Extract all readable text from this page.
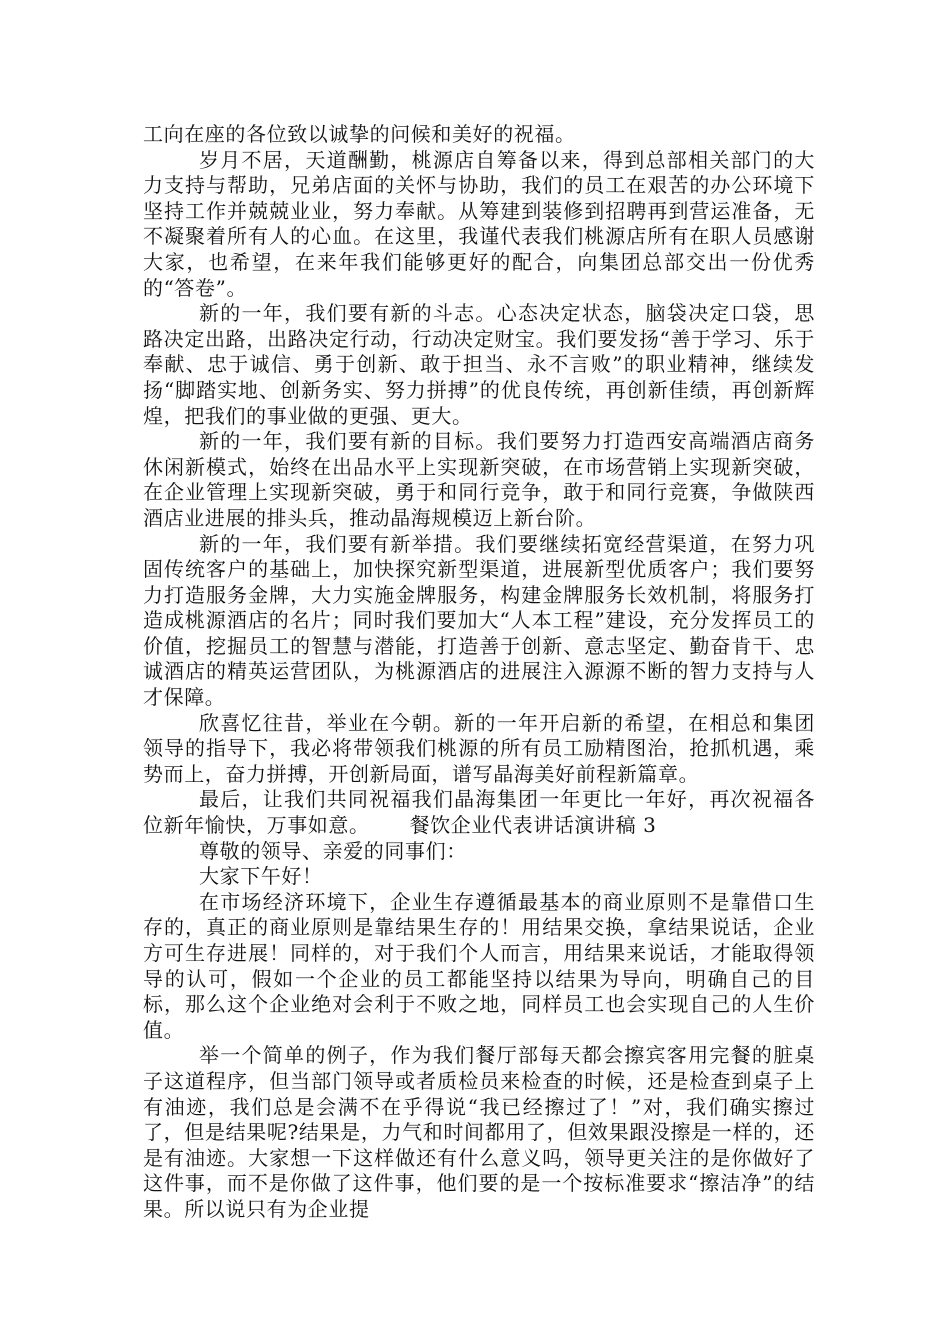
工向在座的各位致以诚挚的问候和美好的祝福。

岁月不居，天道酬勤，桃源店自筹备以来，得到总部相关部门的大力支持与帮助，兄弟店面的关怀与协助，我们的员工在艰苦的办公环境下坚持工作并兢兢业业，努力奉献。从筹建到装修到招聘再到营运准备，无不凝聚着所有人的心血。在这里，我谨代表我们桃源店所有在职人员感谢大家，也希望，在来年我们能够更好的配合，向集团总部交出一份优秀的“答卷”。

新的一年，我们要有新的斗志。心态决定状态，脑袋决定口袋，思路决定出路，出路决定行动，行动决定财宝。我们要发扬“善于学习、乐于奉献、忠于诚信、勇于创新、敢于担当、永不言败”的职业精神，继续发扬“脚踏实地、创新务实、努力拼搏”的优良传统，再创新佳绩，再创新辉煌，把我们的事业做的更强、更大。

新的一年，我们要有新的目标。我们要努力打造西安高端酒店商务休闲新模式，始终在出品水平上实现新突破，在市场营销上实现新突破，在企业管理上实现新突破，勇于和同行竞争，敢于和同行竞赛，争做陕西酒店业进展的排头兵，推动晶海规模迈上新台阶。

新的一年，我们要有新举措。我们要继续拓宽经营渠道，在努力巩固传统客户的基础上，加快探究新型渠道，进展新型优质客户；我们要努力打造服务金牌，大力实施金牌服务，构建金牌服务长效机制，将服务打造成桃源酒店的名片；同时我们要加大“人本工程”建设，充分发挥员工的价值，挖掘员工的智慧与潜能，打造善于创新、意志坚定、勤奋肯干、忠诚酒店的精英运营团队，为桃源酒店的进展注入源源不断的智力支持与人才保障。

欣喜忆往昔，举业在今朝。新的一年开启新的希望，在相总和集团领导的指导下，我必将带领我们桃源的所有员工励精图治，抢抓机遇，乘势而上，奋力拼搏，开创新局面，谱写晶海美好前程新篇章。

最后，让我们共同祝福我们晶海集团一年更比一年好，再次祝福各位新年愉快，万事如意。 餐饮企业代表讲话演讲稿 3

尊敬的领导、亲爱的同事们：

大家下午好！

在市场经济环境下，企业生存遵循最基本的商业原则不是靠借口生存的，真正的商业原则是靠结果生存的！用结果交换，拿结果说话，企业方可生存进展！同样的，对于我们个人而言，用结果来说话，才能取得领导的认可，假如一个企业的员工都能坚持以结果为导向，明确自己的目标，那么这个企业绝对会利于不败之地，同样员工也会实现自己的人生价值。

举一个简单的例子，作为我们餐厅部每天都会擦宾客用完餐的脏桌子这道程序，但当部门领导或者质检员来检查的时候，还是检查到桌子上有油迹，我们总是会满不在乎得说“我已经擦过了！”对，我们确实擦过了，但是结果呢?结果是，力气和时间都用了，但效果跟没擦是一样的，还是有油迹。大家想一下这样做还有什么意义吗，领导更关注的是你做好了这件事，而不是你做了这件事，他们要的是一个按标准要求“擦洁净”的结果。所以说只有为企业提
